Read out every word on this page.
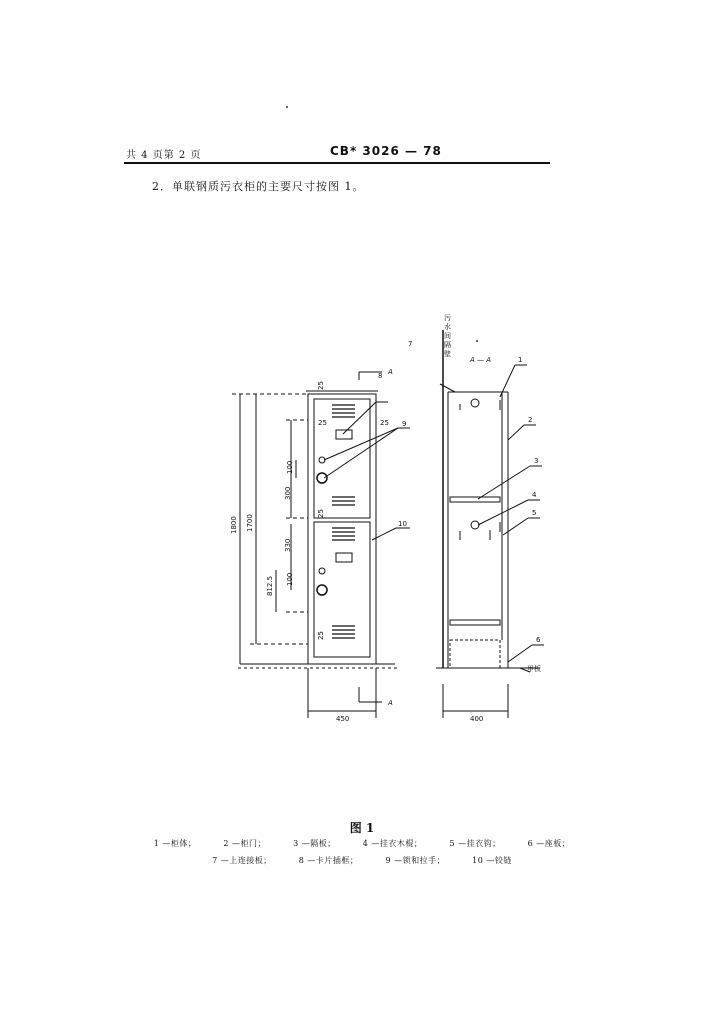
共 4 页第 2 页	CB* 3026 — 78
2．单联钢质污衣柜的主要尺寸按图 1。
1800 1700
25
25	25
100
300
25
330
100
812.5
25
450
A
A
7
8
9
10
A — A
甲板
400
1
2
3
4
5
6
污
水
间
隔
壁
图 1
1 —柜体；	2 —柜门；	3 —隔板；	4 —挂衣木棍；	5 —挂衣钩；	6 —座板；
7 —上连接板；	8 —卡片插框；	9 —锁和拉手；	10 —铰链
